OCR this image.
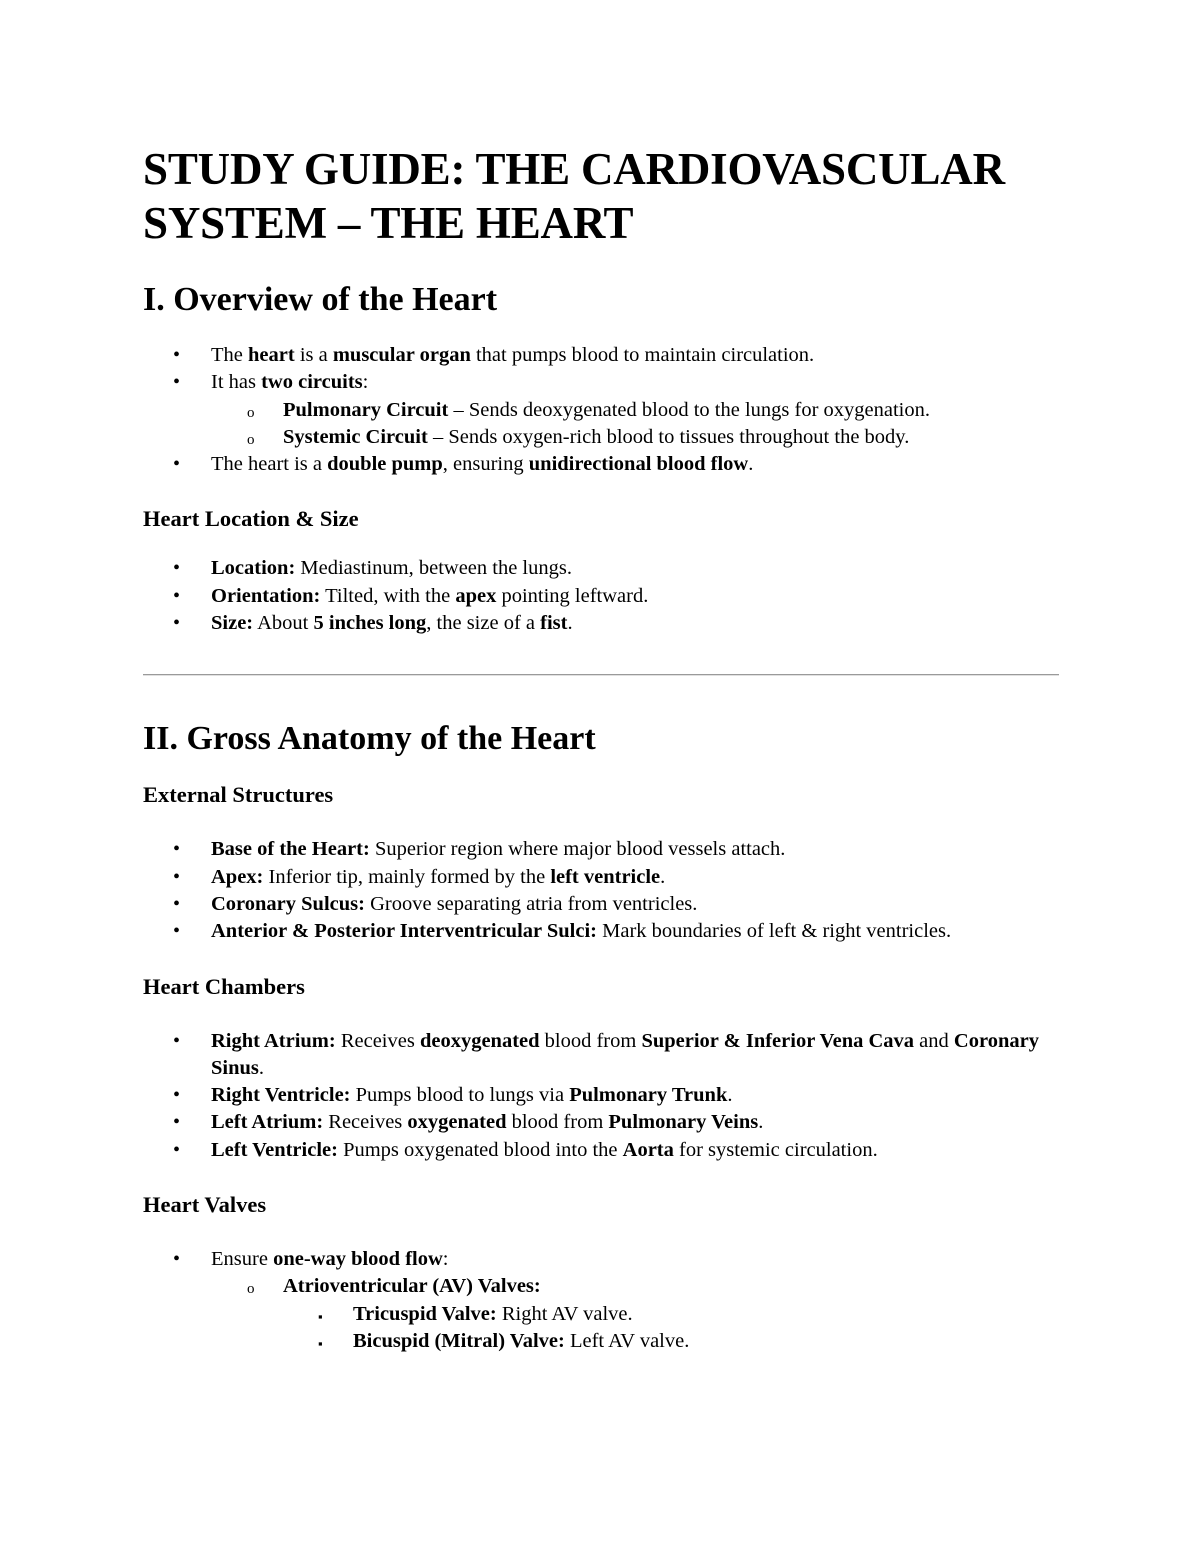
STUDY GUIDE: THE CARDIOVASCULAR
SYSTEM – THE HEART
I. Overview of the Heart
• The heart is a muscular organ that pumps blood to maintain circulation.
• It has two circuits:
o Pulmonary Circuit – Sends deoxygenated blood to the lungs for oxygenation.
o Systemic Circuit – Sends oxygen-rich blood to tissues throughout the body.
• The heart is a double pump, ensuring unidirectional blood flow.
Heart Location & Size
• Location: Mediastinum, between the lungs.
• Orientation: Tilted, with the apex pointing leftward.
• Size: About 5 inches long, the size of a fist.
II. Gross Anatomy of the Heart
External Structures
• Base of the Heart: Superior region where major blood vessels attach.
• Apex: Inferior tip, mainly formed by the left ventricle.
• Coronary Sulcus: Groove separating atria from ventricles.
• Anterior & Posterior Interventricular Sulci: Mark boundaries of left & right ventricles.
Heart Chambers
• Right Atrium: Receives deoxygenated blood from Superior & Inferior Vena Cava and Coronary Sinus.
• Right Ventricle: Pumps blood to lungs via Pulmonary Trunk.
• Left Atrium: Receives oxygenated blood from Pulmonary Veins.
• Left Ventricle: Pumps oxygenated blood into the Aorta for systemic circulation.
Heart Valves
• Ensure one-way blood flow:
o Atrioventricular (AV) Valves:
▪ Tricuspid Valve: Right AV valve.
▪ Bicuspid (Mitral) Valve: Left AV valve.
